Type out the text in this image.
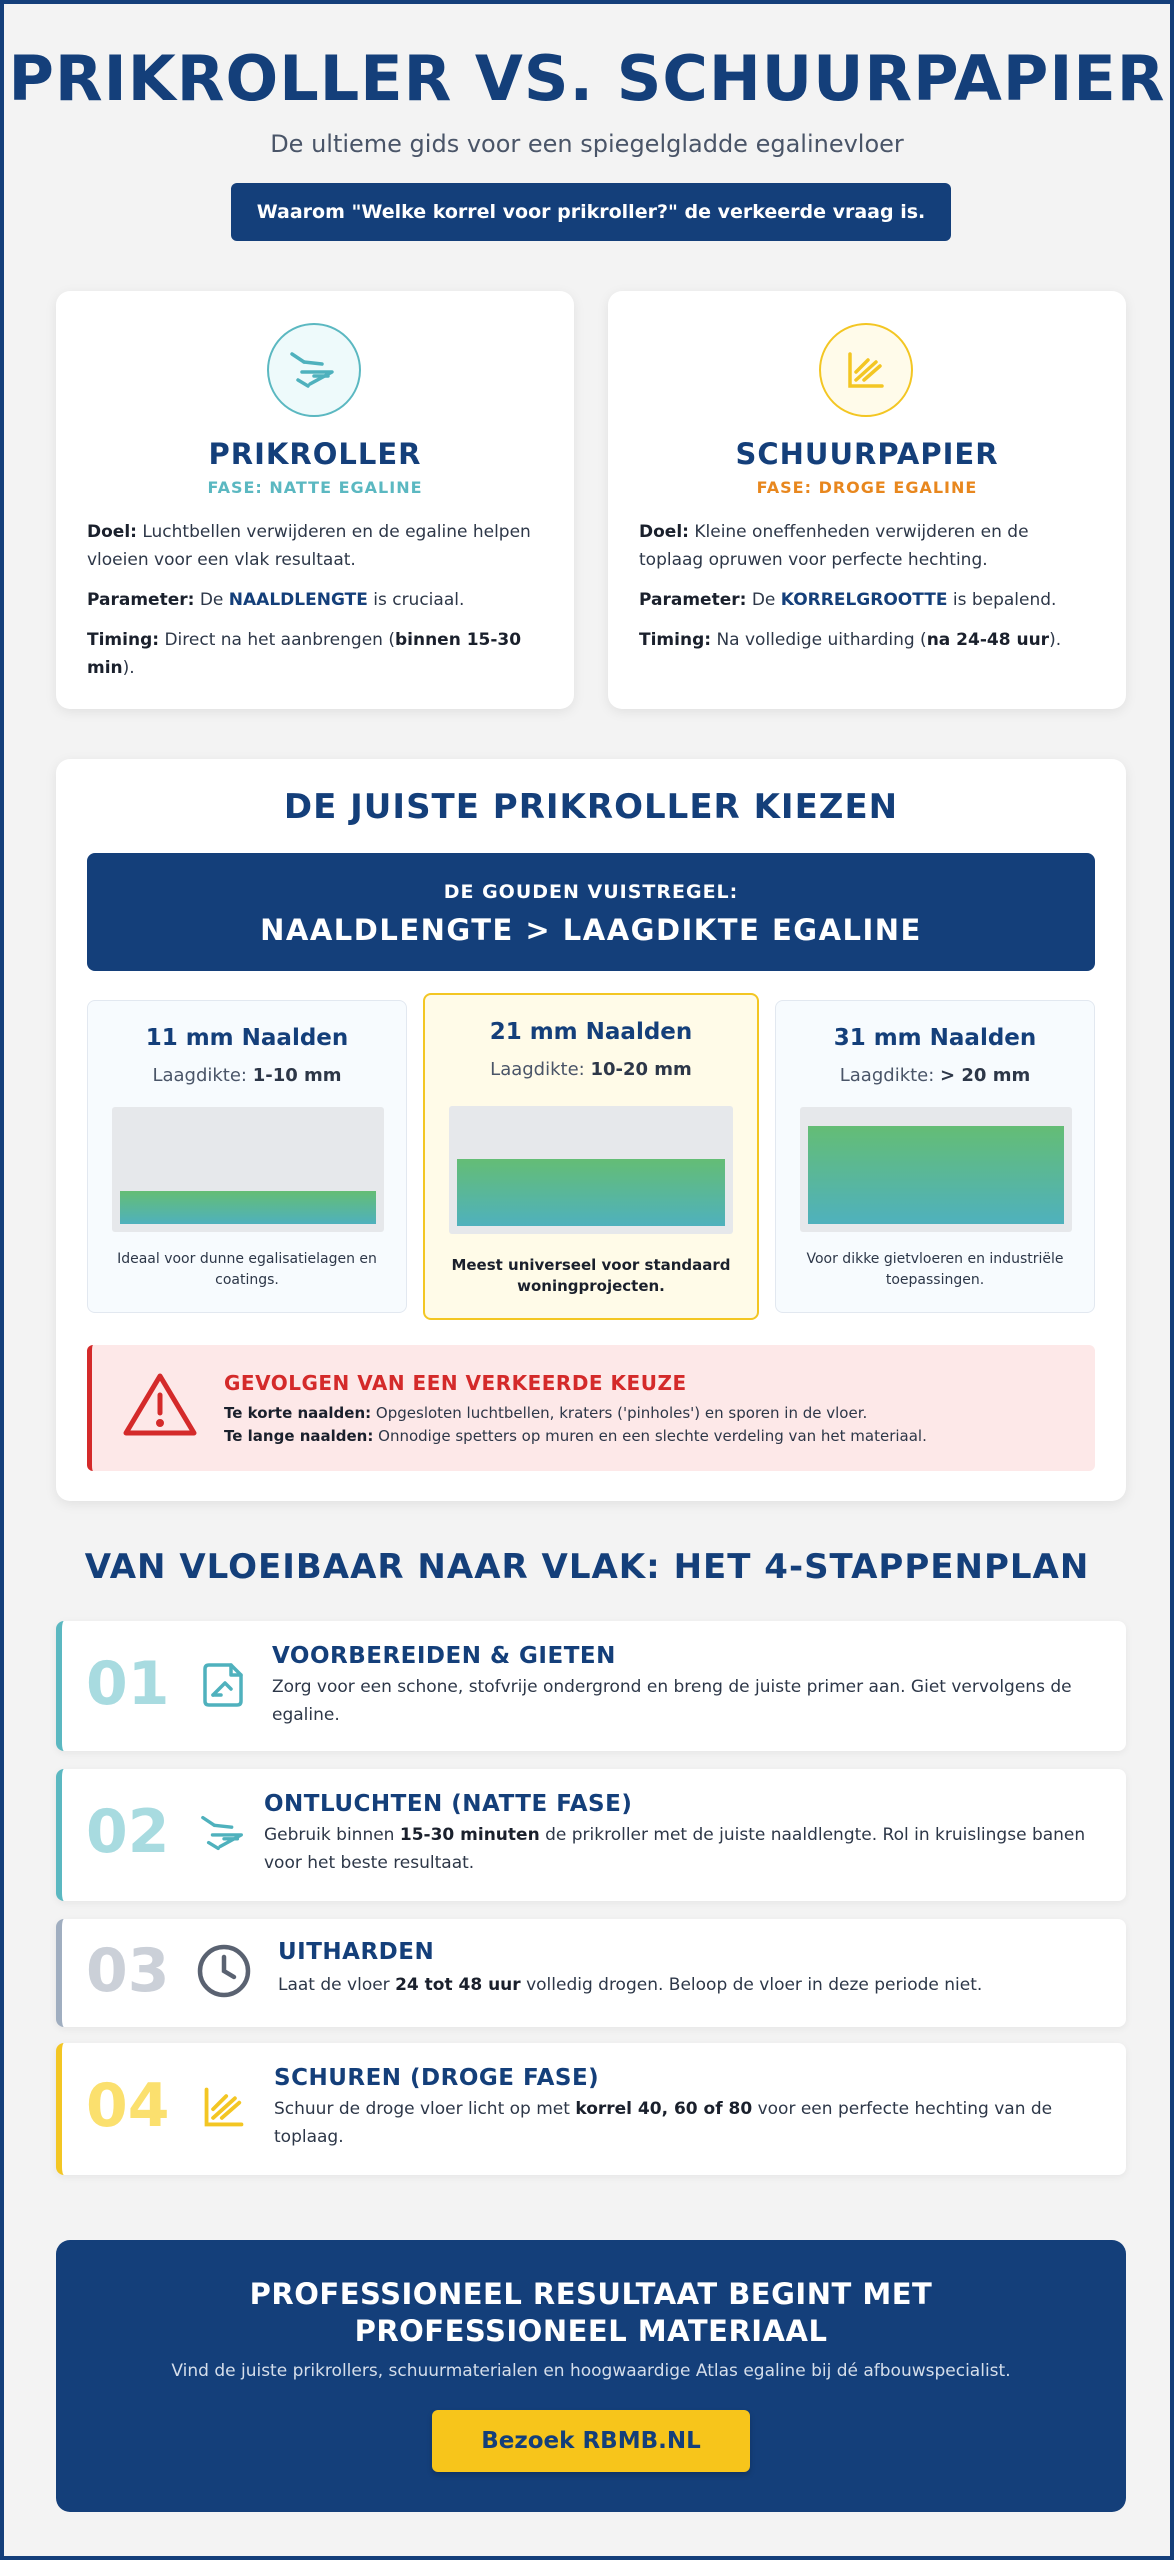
PRIKROLLER VS. SCHUURPAPIER
De ultieme gids voor een spiegelgladde egalinevloer
Waarom "Welke korrel voor prikroller?" de verkeerde vraag is.
PRIKROLLER
FASE: NATTE EGALINE

Doel: Luchtbellen verwijderen en de egaline helpen vloeien voor een vlak resultaat.

Parameter: De NAALDLENGTE is cruciaal.

Timing: Direct na het aanbrengen (binnen 15-30 min).

SCHUURPAPIER
FASE: DROGE EGALINE

Doel: Kleine oneffenheden verwijderen en de toplaag opruwen voor perfecte hechting.

Parameter: De KORRELGROOTTE is bepalend.

Timing: Na volledige uitharding (na 24-48 uur).

DE JUISTE PRIKROLLER KIEZEN
DE GOUDEN VUISTREGEL:
NAALDLENGTE > LAAGDIKTE EGALINE
11 mm Naalden
Laagdikte: 1-10 mm
Ideaal voor dunne egalisatielagen en coatings.
21 mm Naalden
Laagdikte: 10-20 mm
Meest universeel voor standaard woningprojecten.
31 mm Naalden
Laagdikte: > 20 mm
Voor dikke gietvloeren en industriële toepassingen.
GEVOLGEN VAN EEN VERKEERDE KEUZE
Te korte naalden: Opgesloten luchtbellen, kraters ('pinholes') en sporen in de vloer.
Te lange naalden: Onnodige spetters op muren en een slechte verdeling van het materiaal.
VAN VLOEIBAAR NAAR VLAK: HET 4-STAPPENPLAN
01	VOORBEREIDEN & GIETEN
Zorg voor een schone, stofvrije ondergrond en breng de juiste primer aan. Giet vervolgens de egaline.
02	ONTLUCHTEN (NATTE FASE)
Gebruik binnen 15-30 minuten de prikroller met de juiste naaldlengte. Rol in kruislingse banen voor het beste resultaat.
03	UITHARDEN
Laat de vloer 24 tot 48 uur volledig drogen. Beloop de vloer in deze periode niet.
04	SCHUREN (DROGE FASE)
Schuur de droge vloer licht op met korrel 40, 60 of 80 voor een perfecte hechting van de toplaag.
PROFESSIONEEL RESULTAAT BEGINT MET PROFESSIONEEL MATERIAAL
Vind de juiste prikrollers, schuurmaterialen en hoogwaardige Atlas egaline bij dé afbouwspecialist.
Bezoek RBMB.NL
